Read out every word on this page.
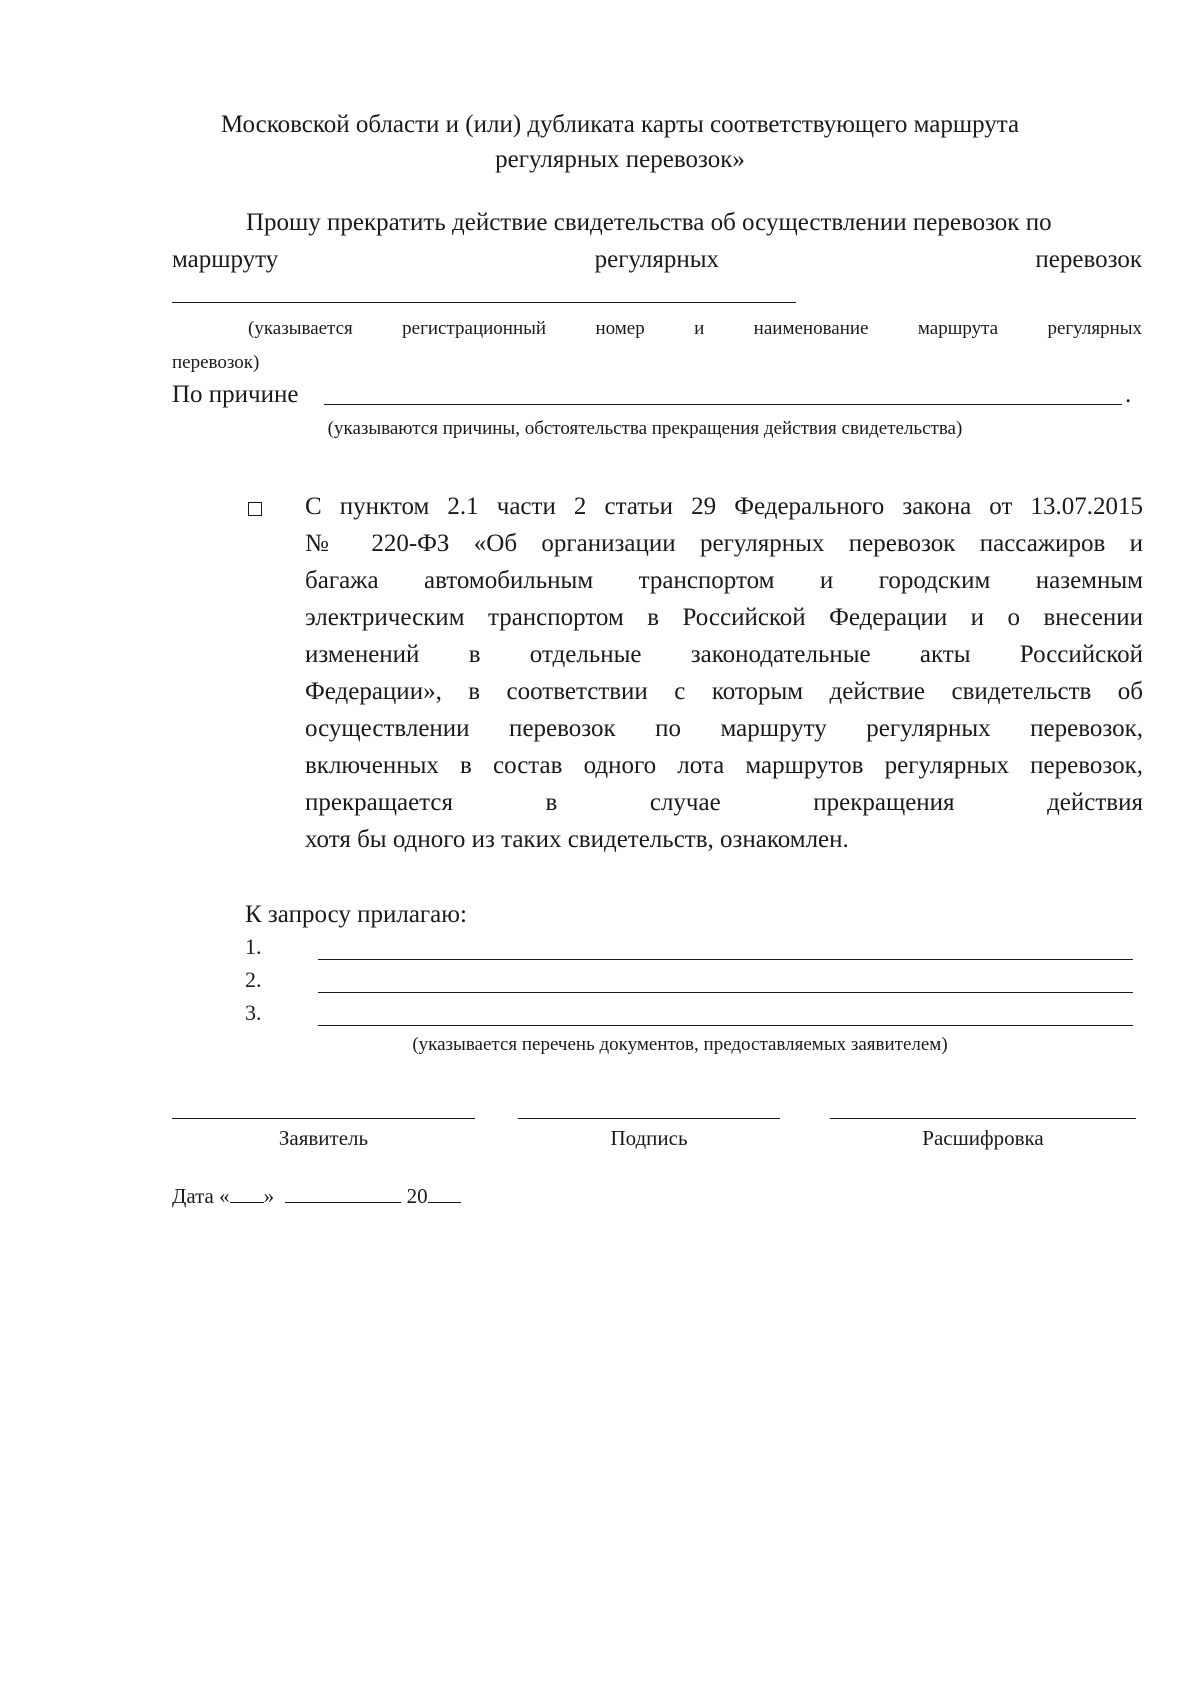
Московской области и (или) дубликата карты соответствующего маршрута
регулярных перевозок»
Прошу прекратить действие свидетельства об осуществлении перевозок по
маршруту	регулярных	перевозок
(указывается регистрационный номер и наименование маршрута регулярных
перевозок)
По причине	.
(указываются причины, обстоятельства прекращения действия свидетельства)
С пунктом 2.1 части 2 статьи 29 Федерального закона от 13.07.2015
№ 220-ФЗ «Об организации регулярных перевозок пассажиров и
багажа автомобильным транспортом и городским наземным
электрическим транспортом в Российской Федерации и о внесении
изменений в отдельные законодательные акты Российской
Федерации», в соответствии с которым действие свидетельств об
осуществлении перевозок по маршруту регулярных перевозок,
включенных в состав одного лота маршрутов регулярных перевозок,
прекращается в случае прекращения действия
хотя бы одного из таких свидетельств, ознакомлен.
К запросу прилагаю:
1.
2.
3.
(указывается перечень документов, предоставляемых заявителем)
Заявитель	Подпись	Расшифровка
Дата « »	20
